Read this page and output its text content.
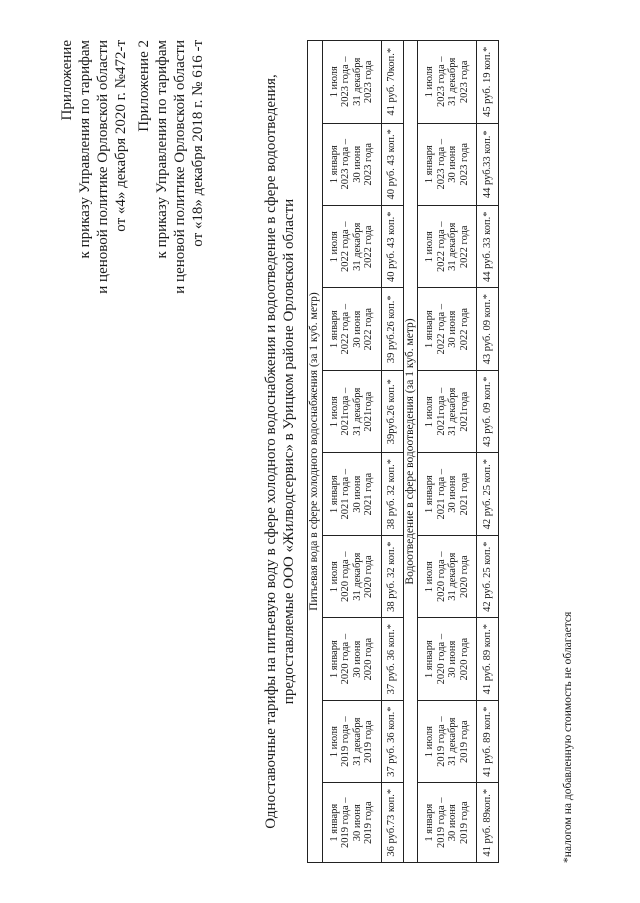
Приложение к приказу Управления по тарифам и ценовой политике Орловской области от «4» декабря 2020 г. №472-т Приложение 2 к приказу Управления по тарифам и ценовой политике Орловской области от «18» декабря 2018 г. № 616 -т	Одноставочные тарифы на питьевую воду в сфере холодного водоснабжения и водоотведение в сфере водоотведения, предоставляемые ООО «Жилводсервис» в Урицком районе Орловской области Питьевая вода в сфере холодного водоснабжения (за 1 куб. метр)									

1 января 2019 года – 30 июня 2019 года	1 июля 2019 года – 31 декабря 2019 года	1 января 2020 года – 30 июня 2020 года	1 июля 2020 года – 31 декабря 2020 года	1 января 2021 года – 30 июня 2021 года	1 июля 2021года – 31 декабря 2021года	1 января 2022 года – 30 июня 2022 года	1 июля 2022 года – 31 декабря 2022 года	1 января 2023 года – 30 июня 2023 года	1 июля 2023 года – 31 декабря 2023 года

36 руб.73 коп.*	37 руб. 36 коп.*	37 руб. 36 коп.*	38 руб. 32 коп.*	38 руб. 32 коп.*	39руб.26 коп.*	39 руб.26 коп.*	40 руб. 43 коп.*	40 руб. 43 коп.*	41 руб. 70коп.*
Водоотведение в сфере водоотведения (за 1 куб. метр)									

1 января 2019 года – 30 июня 2019 года	1 июля 2019 года – 31 декабря 2019 года	1 января 2020 года – 30 июня 2020 года	1 июля 2020 года – 31 декабря 2020 года	1 января 2021 года – 30 июня 2021 года	1 июля 2021года – 31 декабря 2021года	1 января 2022 года – 30 июня 2022 года	1 июля 2022 года – 31 декабря 2022 года	1 января 2023 года – 30 июня 2023 года	1 июля 2023 года – 31 декабря 2023 года

41 руб. 89коп.*	41 руб. 89 коп.*	41 руб. 89 коп.*	42 руб. 25 коп.*	42 руб. 25 коп.*	43 руб. 09 коп.*	43 руб. 09 коп.*	44 руб. 33 коп.*	44 руб.33 коп.*	45 руб. 19 коп.*
*налогом на добавленную стоимость не облагается
